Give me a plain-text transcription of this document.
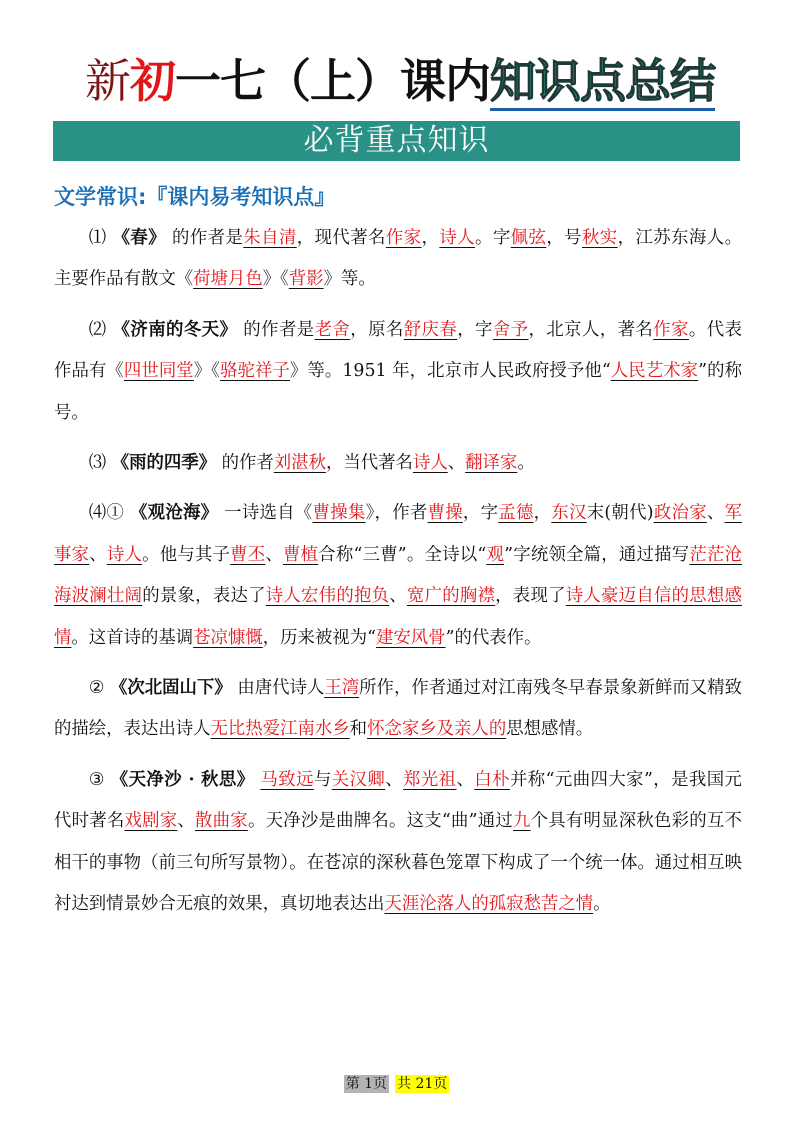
新初一七（上）课内知识点总结
必背重点知识
文学常识:『课内易考知识点』

⑴ 《春》 的作者是朱自清，现代著名作家，诗人。字佩弦，号秋实，江苏东海人。主要作品有散文《荷塘月色》《背影》等。

⑵ 《济南的冬天》 的作者是老舍，原名舒庆春，字舍予，北京人，著名作家。代表作品有《四世同堂》《骆驼祥子》等。1951 年，北京市人民政府授予他“人民艺术家”的称号。

⑶ 《雨的四季》 的作者刘湛秋，当代著名诗人、翻译家。

⑷① 《观沧海》 一诗选自《曹操集》，作者曹操，字孟德，东汉末(朝代)政治家、军事家、诗人。他与其子曹丕、曹植合称“三曹”。全诗以“观”字统领全篇，通过描写茫茫沧海波澜壮阔的景象，表达了诗人宏伟的抱负、宽广的胸襟，表现了诗人豪迈自信的思想感情。这首诗的基调苍凉慷慨，历来被视为“建安风骨”的代表作。

② 《次北固山下》 由唐代诗人王湾所作，作者通过对江南残冬早春景象新鲜而又精致的描绘，表达出诗人无比热爱江南水乡和怀念家乡及亲人的思想感情。

③ 《天净沙 · 秋思》 马致远与关汉卿、郑光祖、白朴并称“元曲四大家”，是我国元代时著名戏剧家、散曲家。天净沙是曲牌名。这支“曲”通过九个具有明显深秋色彩的互不相干的事物（前三句所写景物）。在苍凉的深秋暮色笼罩下构成了一个统一体。通过相互映衬达到情景妙合无痕的效果，真切地表达出天涯沦落人的孤寂愁苦之情。

第 1页 共 21页
